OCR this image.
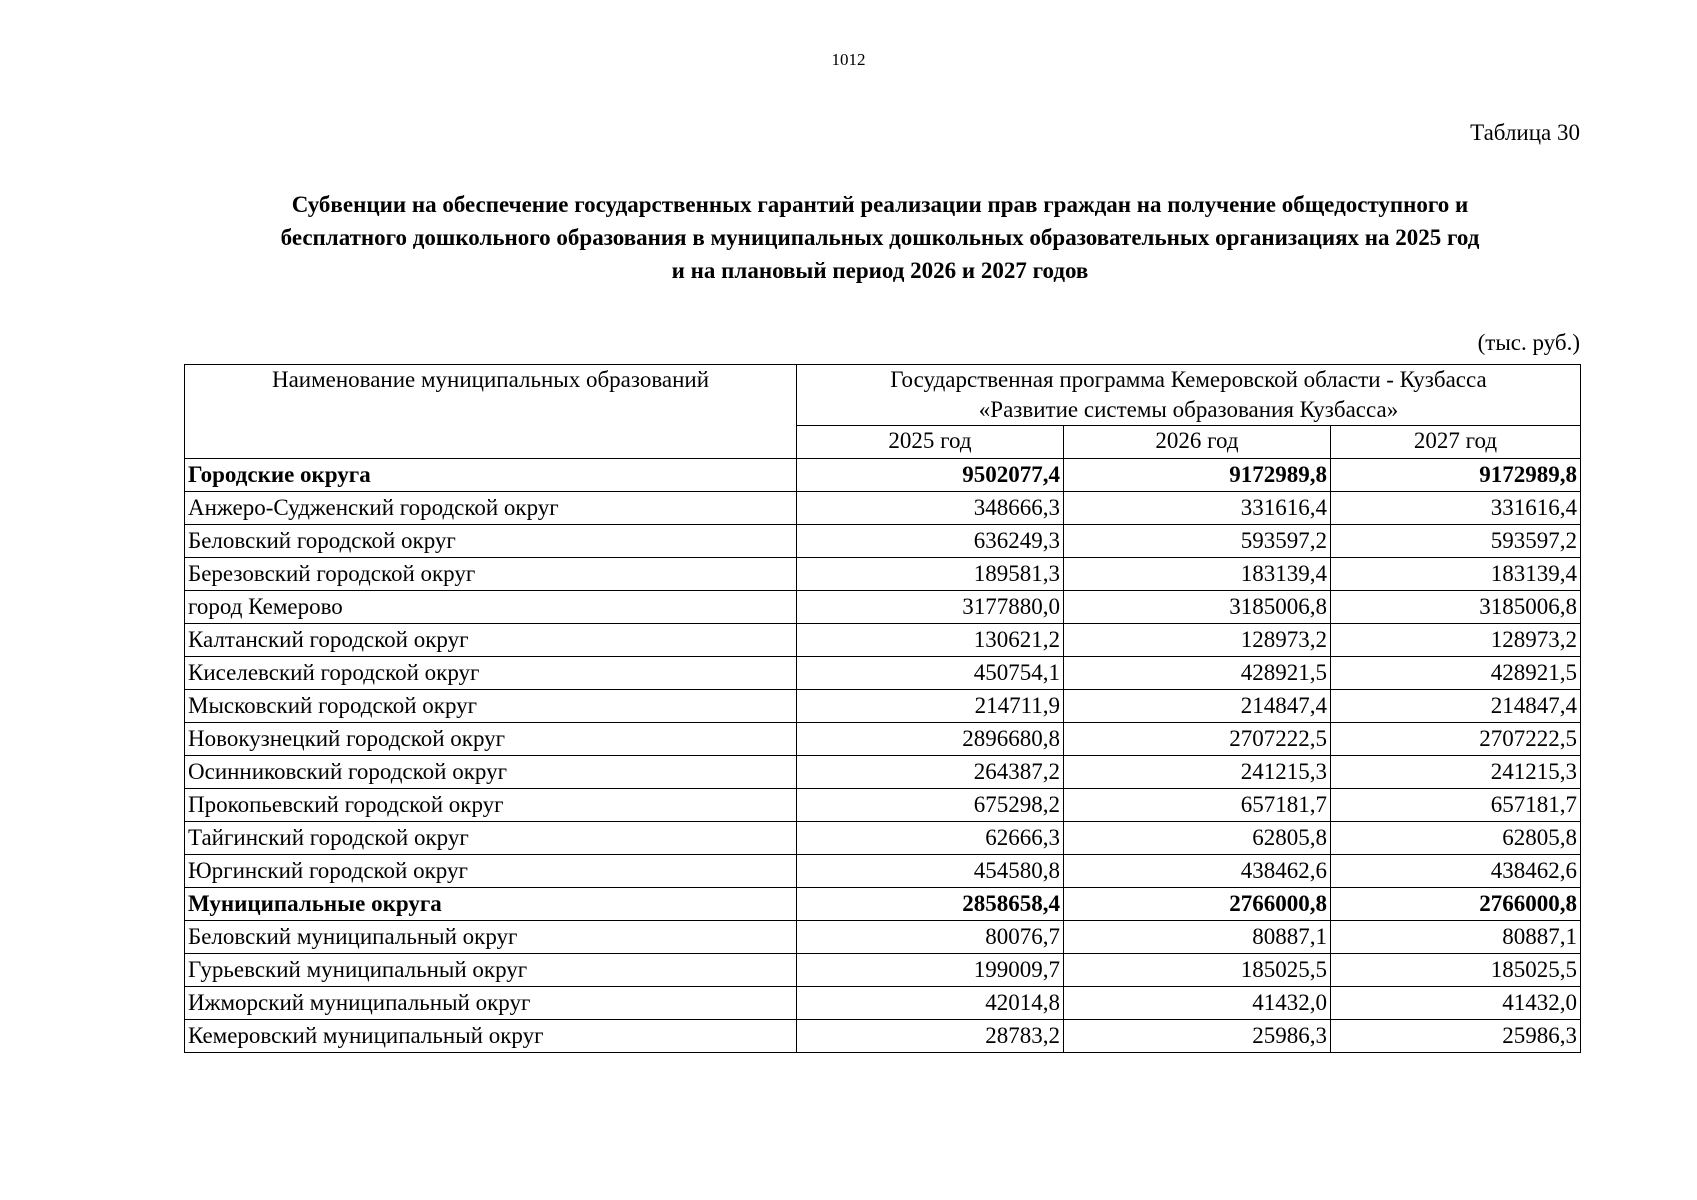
1012
Таблица 30
Субвенции на обеспечение государственных гарантий реализации прав граждан на получение общедоступного и
бесплатного дошкольного образования в муниципальных дошкольных образовательных организациях на 2025 год
и на плановый период 2026 и 2027 годов
(тыс. руб.)
Наименование муниципальных образований	Государственная программа Кемеровской области - Кузбасса
«Развитие системы образования Кузбасса»		

	2025 год	2026 год	2027 год
Городские округа	9502077,4	9172989,8	9172989,8
Анжеро-Судженский городской округ	348666,3	331616,4	331616,4
Беловский городской округ	636249,3	593597,2	593597,2
Березовский городской округ	189581,3	183139,4	183139,4
город Кемерово	3177880,0	3185006,8	3185006,8
Калтанский городской округ	130621,2	128973,2	128973,2
Киселевский городской округ	450754,1	428921,5	428921,5
Мысковский городской округ	214711,9	214847,4	214847,4
Новокузнецкий городской округ	2896680,8	2707222,5	2707222,5
Осинниковский городской округ	264387,2	241215,3	241215,3
Прокопьевский городской округ	675298,2	657181,7	657181,7
Тайгинский городской округ	62666,3	62805,8	62805,8
Юргинский городской округ	454580,8	438462,6	438462,6
Муниципальные округа	2858658,4	2766000,8	2766000,8
Беловский муниципальный округ	80076,7	80887,1	80887,1
Гурьевский муниципальный округ	199009,7	185025,5	185025,5
Ижморский муниципальный округ	42014,8	41432,0	41432,0
Кемеровский муниципальный округ	28783,2	25986,3	25986,3
